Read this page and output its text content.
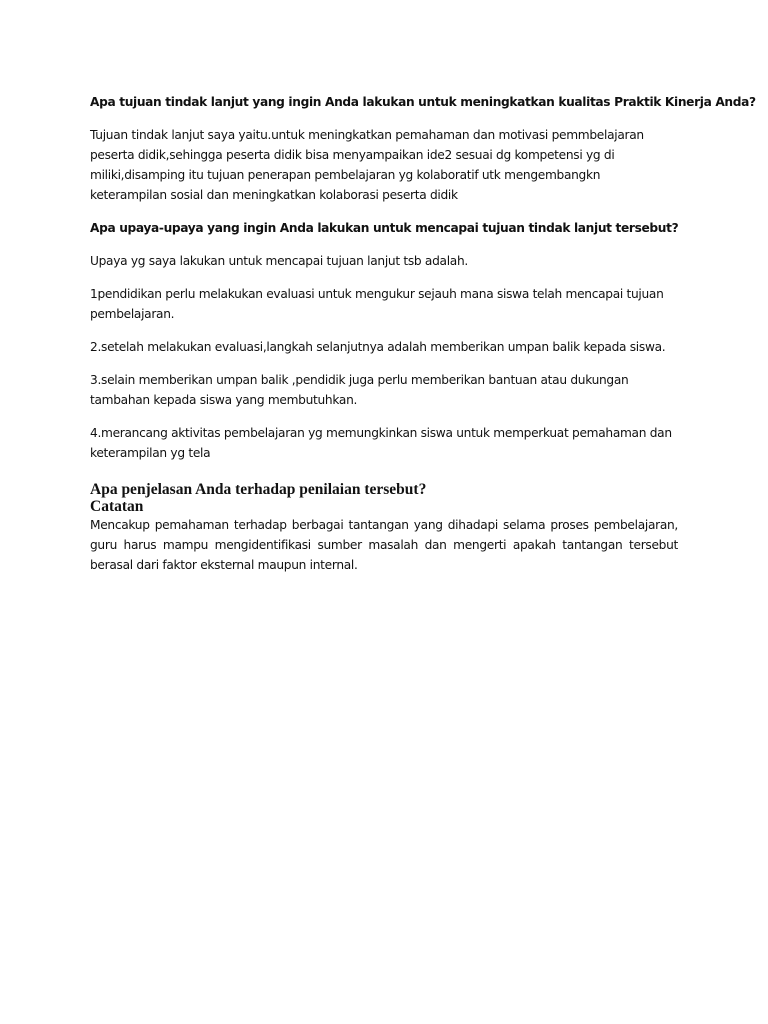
Apa tujuan tindak lanjut yang ingin Anda lakukan untuk meningkatkan kualitas Praktik Kinerja Anda?

Tujuan tindak lanjut saya yaitu.untuk meningkatkan pemahaman dan motivasi pemmbelajaran peserta didik,sehingga peserta didik bisa menyampaikan ide2 sesuai dg kompetensi yg di miliki,disamping itu tujuan penerapan pembelajaran yg kolaboratif utk mengembangkn keterampilan sosial dan meningkatkan kolaborasi peserta didik

Apa upaya-upaya yang ingin Anda lakukan untuk mencapai tujuan tindak lanjut tersebut?

Upaya yg saya lakukan untuk mencapai tujuan lanjut tsb adalah.

1pendidikan perlu melakukan evaluasi untuk mengukur sejauh mana siswa telah mencapai tujuan pembelajaran.

2.setelah melakukan evaluasi,langkah selanjutnya adalah memberikan umpan balik kepada siswa.

3.selain memberikan umpan balik ,pendidik juga perlu memberikan bantuan atau dukungan tambahan kepada siswa yang membutuhkan.

4.merancang aktivitas pembelajaran yg memungkinkan siswa untuk memperkuat pemahaman dan keterampilan yg tela

Apa penjelasan Anda terhadap penilaian tersebut?

Catatan

Mencakup pemahaman terhadap berbagai tantangan yang dihadapi selama proses pembelajaran, guru harus mampu mengidentifikasi sumber masalah dan mengerti apakah tantangan tersebut berasal dari faktor eksternal maupun internal.
